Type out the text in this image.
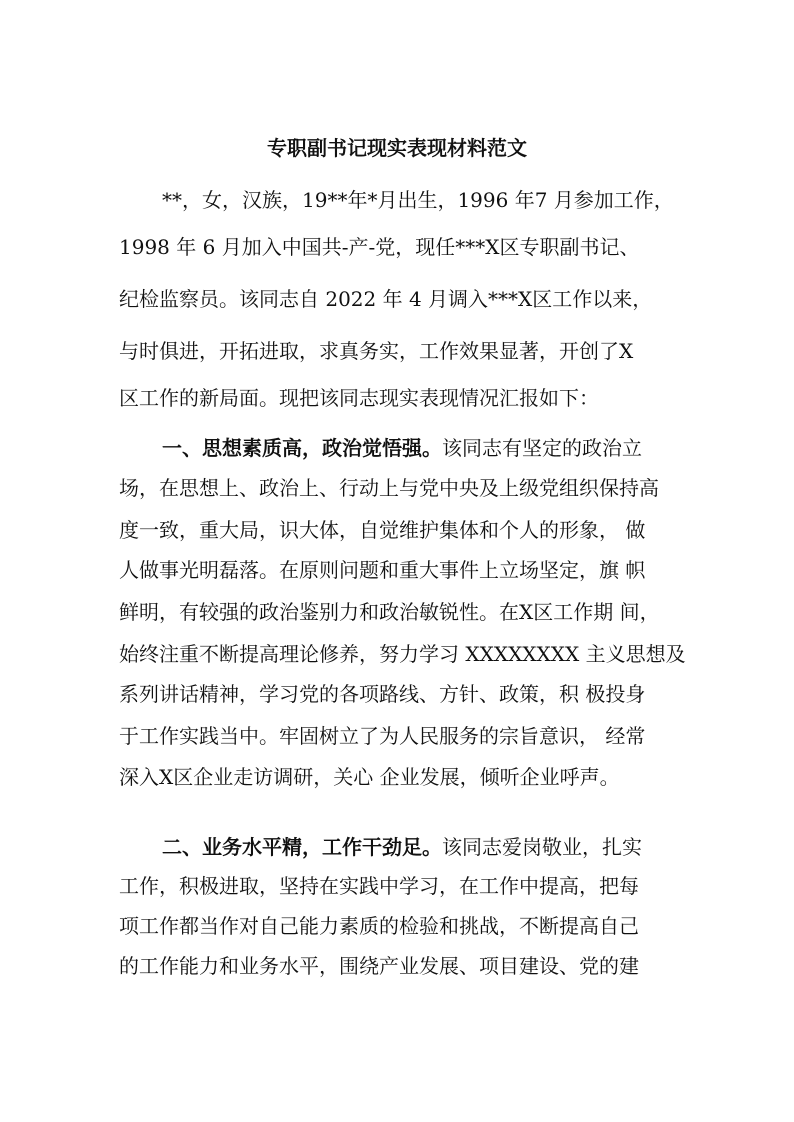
专职副书记现实表现材料范文
**，女，汉族，19**年*月出生，1996 年7 月参加工作，
1998 年 6 月加入中国共-产-党，现任***X区专职副书记、
纪检监察员。该同志自 2022 年 4 月调入***X区工作以来，
与时俱进，开拓进取，求真务实，工作效果显著，开创了X
区工作的新局面。现把该同志现实表现情况汇报如下：
一、思想素质高，政治觉悟强。该同志有坚定的政治立
场，在思想上、政治上、行动上与党中央及上级党组织保持高
度一致，重大局，识大体，自觉维护集体和个人的形象， 做
人做事光明磊落。在原则问题和重大事件上立场坚定，旗 帜
鲜明，有较强的政治鉴别力和政治敏锐性。在X区工作期 间，
始终注重不断提高理论修养，努力学习 XXXXXXXX 主义思想及
系列讲话精神，学习党的各项路线、方针、政策，积 极投身
于工作实践当中。牢固树立了为人民服务的宗旨意识， 经常
深入X区企业走访调研，关心 企业发展，倾听企业呼声。
二、业务水平精，工作干劲足。该同志爱岗敬业，扎实
工作，积极进取，坚持在实践中学习，在工作中提高，把每
项工作都当作对自己能力素质的检验和挑战，不断提高自己
的工作能力和业务水平，围绕产业发展、项目建设、党的建
